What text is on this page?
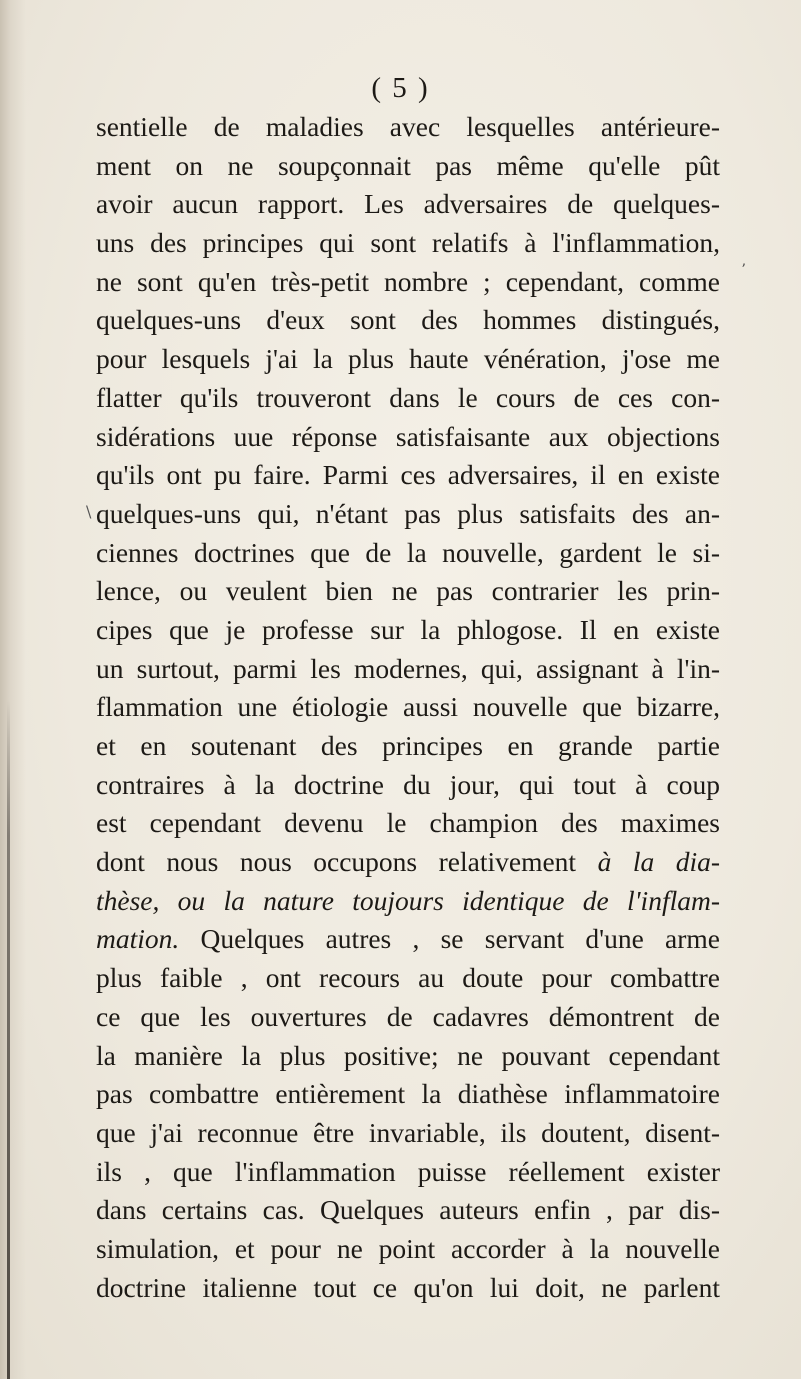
ʼ
\
( 5 )
sentielle de maladies avec lesquelles antérieure-
ment on ne soupçonnait pas même qu'elle pût
avoir aucun rapport. Les adversaires de quelques-
uns des principes qui sont relatifs à l'inflammation,
ne sont qu'en très-petit nombre ; cependant, comme
quelques-uns d'eux sont des hommes distingués,
pour lesquels j'ai la plus haute vénération, j'ose me
flatter qu'ils trouveront dans le cours de ces con-
sidérations uue réponse satisfaisante aux objections
qu'ils ont pu faire. Parmi ces adversaires, il en existe
quelques-uns qui, n'étant pas plus satisfaits des an-
ciennes doctrines que de la nouvelle, gardent le si-
lence, ou veulent bien ne pas contrarier les prin-
cipes que je professe sur la phlogose. Il en existe
un surtout, parmi les modernes, qui, assignant à l'in-
flammation une étiologie aussi nouvelle que bizarre,
et en soutenant des principes en grande partie
contraires à la doctrine du jour, qui tout à coup
est cependant devenu le champion des maximes
dont nous nous occupons relativement à la dia-
thèse, ou la nature toujours identique de l'inflam-
mation. Quelques autres , se servant d'une arme
plus faible , ont recours au doute pour combattre
ce que les ouvertures de cadavres démontrent de
la manière la plus positive; ne pouvant cependant
pas combattre entièrement la diathèse inflammatoire
que j'ai reconnue être invariable, ils doutent, disent-
ils , que l'inflammation puisse réellement exister
dans certains cas. Quelques auteurs enfin , par dis-
simulation, et pour ne point accorder à la nouvelle
doctrine italienne tout ce qu'on lui doit, ne parlent
